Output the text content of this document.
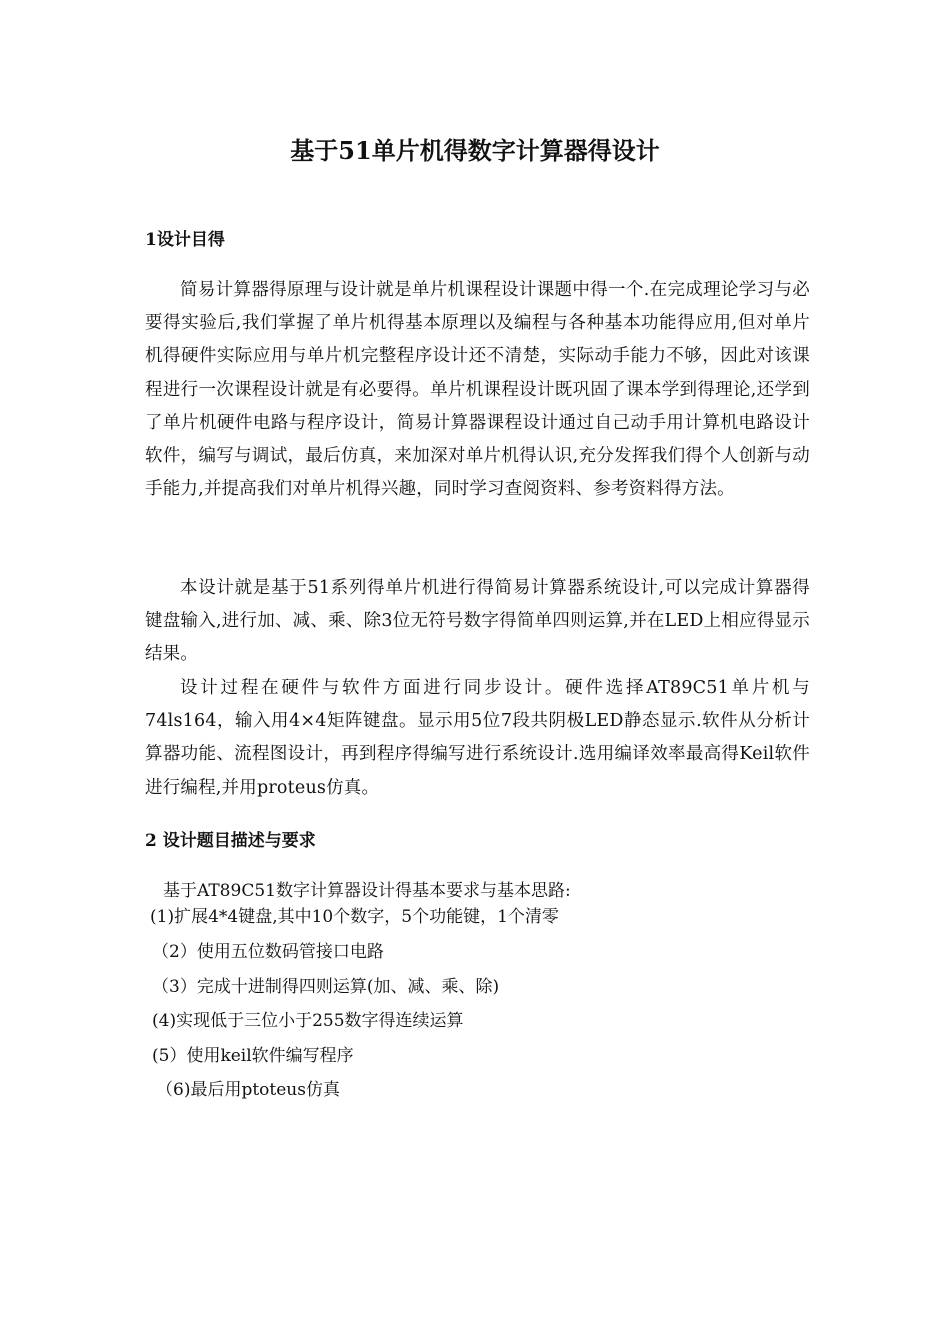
基于51单片机得数字计算器得设计
1设计目得

简易计算器得原理与设计就是单片机课程设计课题中得一个.在完成理论学习与必要得实验后,我们掌握了单片机得基本原理以及编程与各种基本功能得应用,但对单片机得硬件实际应用与单片机完整程序设计还不清楚，实际动手能力不够，因此对该课程进行一次课程设计就是有必要得。单片机课程设计既巩固了课本学到得理论,还学到了单片机硬件电路与程序设计，简易计算器课程设计通过自己动手用计算机电路设计软件，编写与调试，最后仿真，来加深对单片机得认识,充分发挥我们得个人创新与动手能力,并提高我们对单片机得兴趣，同时学习查阅资料、参考资料得方法。

本设计就是基于51系列得单片机进行得简易计算器系统设计,可以完成计算器得键盘输入,进行加、减、乘、除3位无符号数字得简单四则运算,并在LED上相应得显示结果。

设计过程在硬件与软件方面进行同步设计。硬件选择AT89C51单片机与74ls164，输入用4×4矩阵键盘。显示用5位7段共阴极LED静态显示.软件从分析计算器功能、流程图设计，再到程序得编写进行系统设计.选用编译效率最高得Keil软件进行编程,并用proteus仿真。

2 设计题目描述与要求

基于AT89C51数字计算器设计得基本要求与基本思路:

(1)扩展4*4键盘,其中10个数字，5个功能键，1个清零
（2）使用五位数码管接口电路
（3）完成十进制得四则运算(加、减、乘、除)
(4)实现低于三位小于255数字得连续运算
(5）使用keil软件编写程序
（6)最后用ptoteus仿真
